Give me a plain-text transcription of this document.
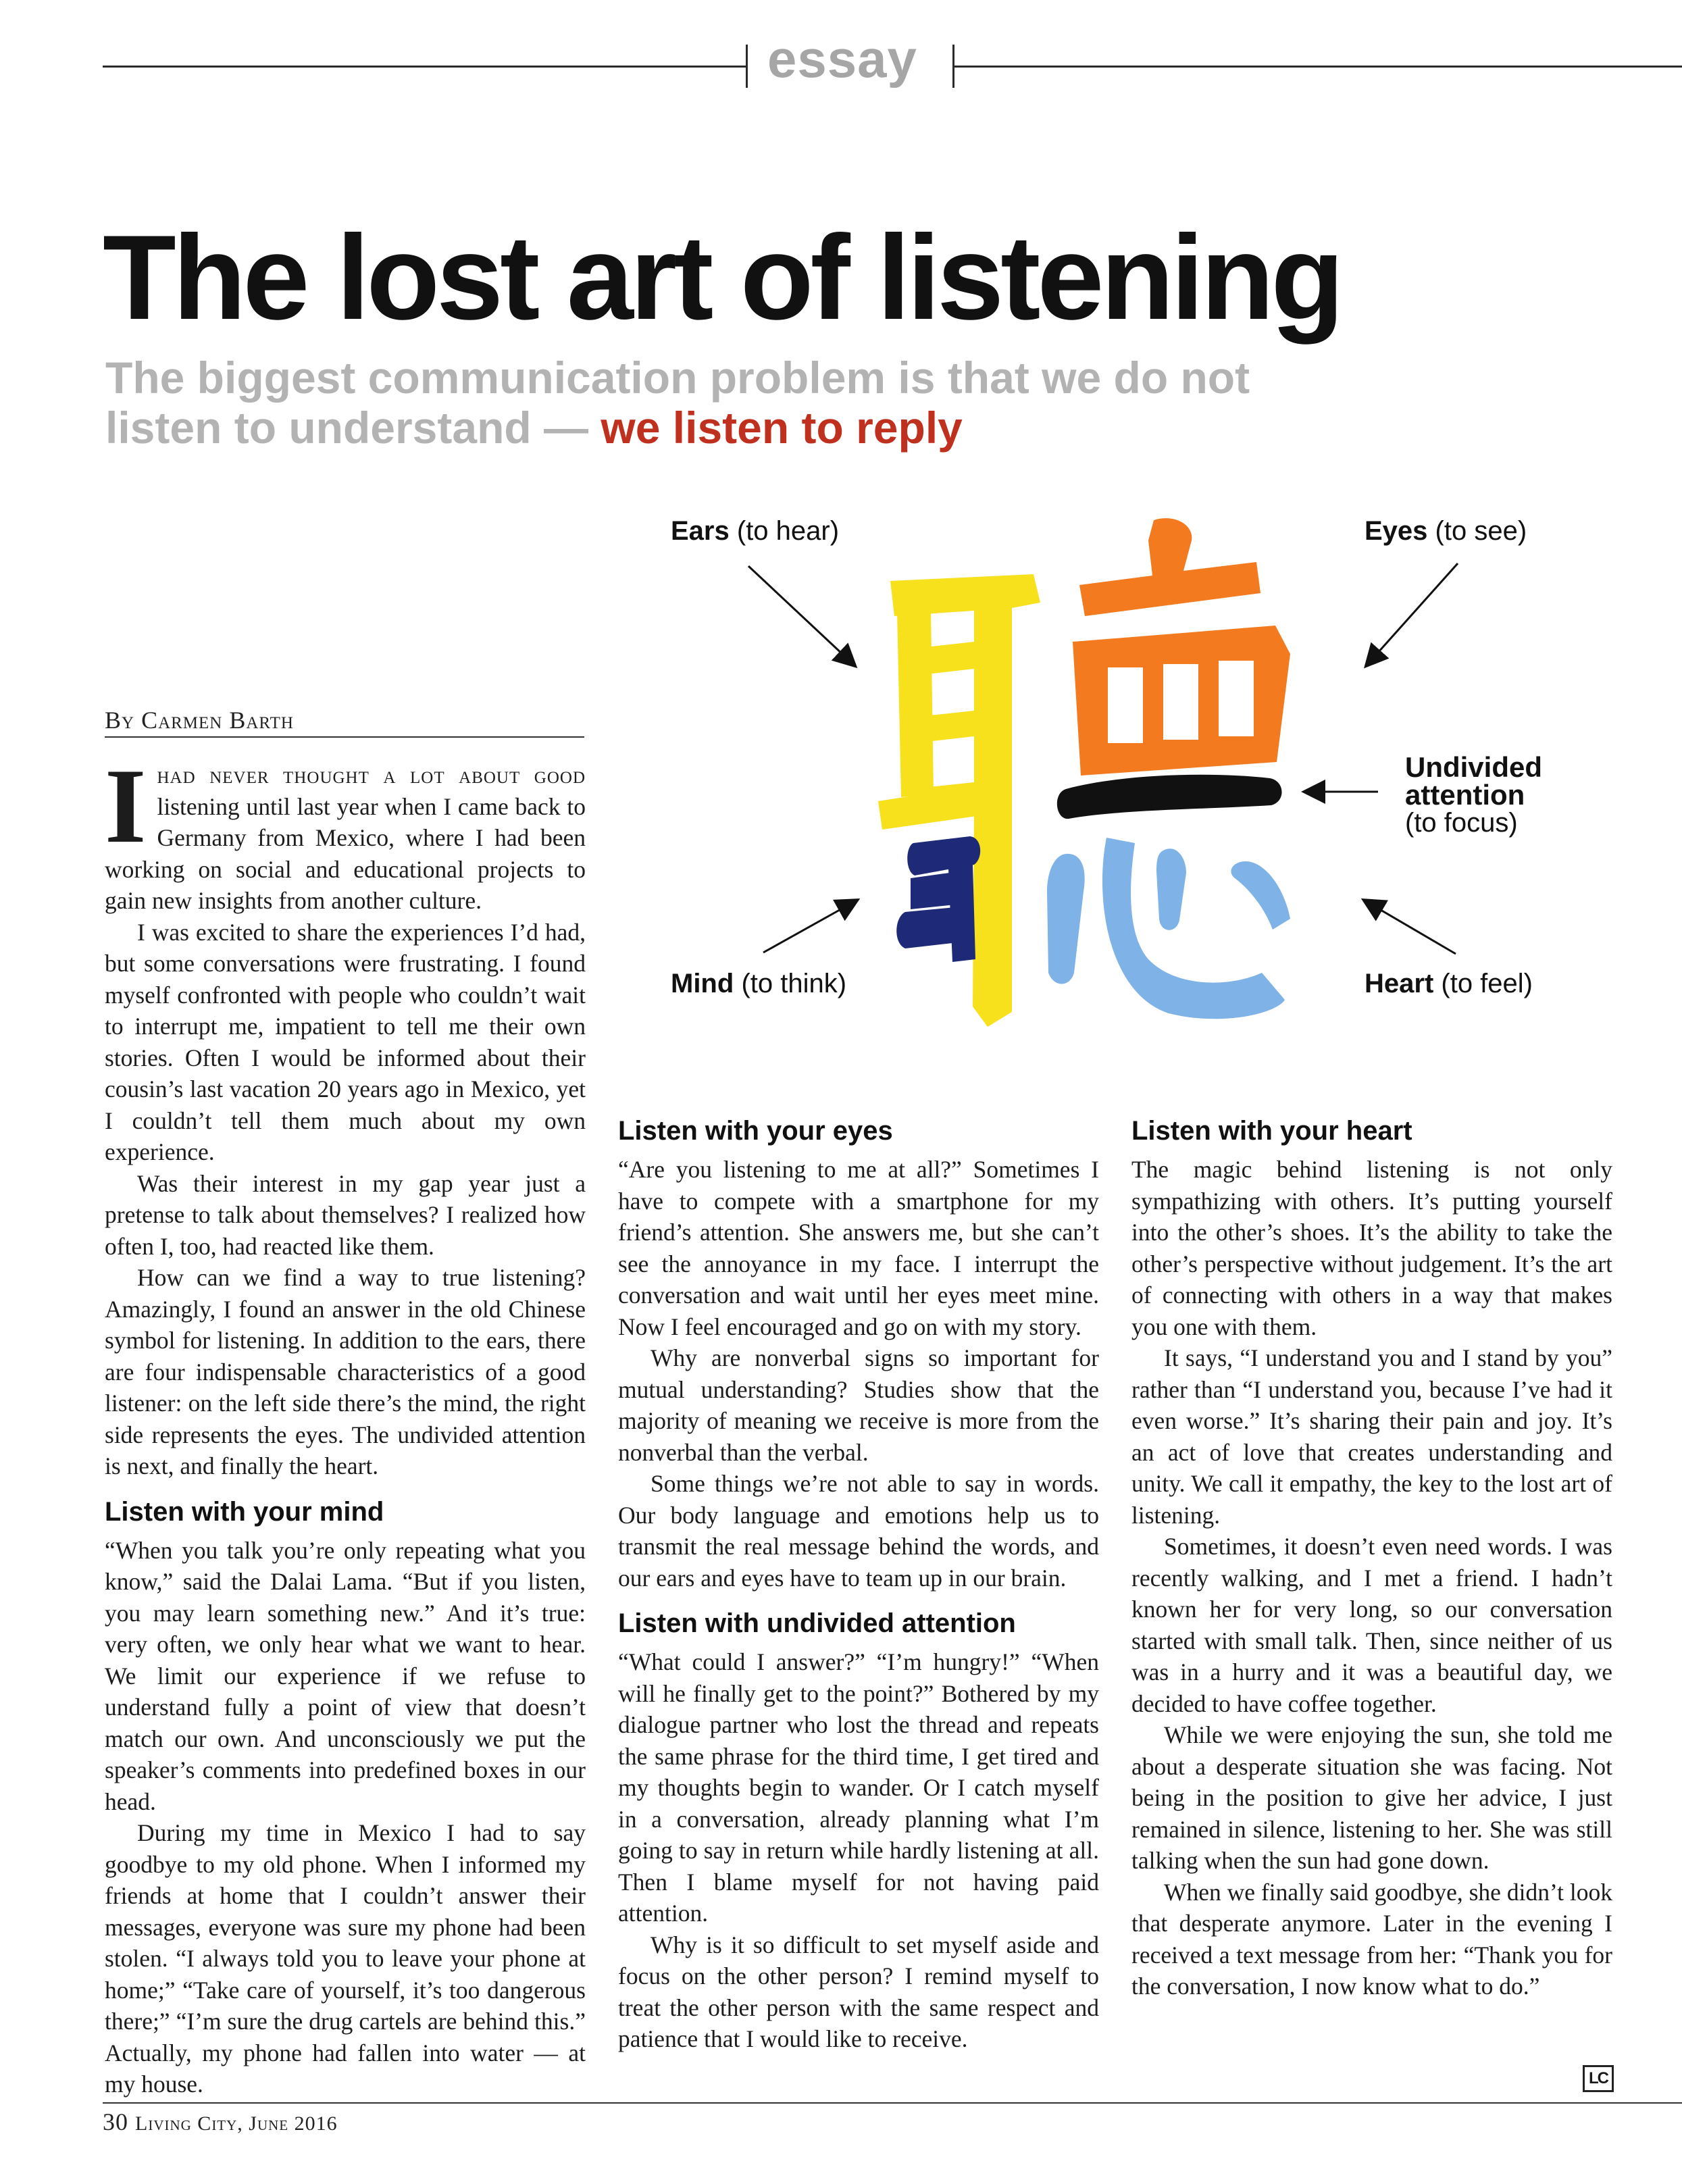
essay
The lost art of listening
The biggest communication problem is that we do not listen to understand — we listen to reply
By Carmen Barth
Ears (to hear)	Eyes (to see)
Undivided
attention
(to focus)
Mind (to think)	Heart (to feel)

Ihad never thought a lot about good listening until last year when I came back to Germany from Mexico, where I had been working on social and educational projects to gain new insights from another culture.

I was excited to share the experiences I’d had, but some conversations were frustrating. I found myself confronted with people who couldn’t wait to interrupt me, impatient to tell me their own stories. Often I would be informed about their cousin’s last vacation 20 years ago in Mexico, yet I couldn’t tell them much about my own experience.

Was their interest in my gap year just a pretense to talk about themselves? I realized how often I, too, had reacted like them.

How can we find a way to true listening? Amazingly, I found an answer in the old Chinese symbol for listening. In addition to the ears, there are four indispensable characteristics of a good listener: on the left side there’s the mind, the right side represents the eyes. The undivided attention is next, and finally the heart.

Listen with your mind

“When you talk you’re only repeating what you know,” said the Dalai Lama. “But if you listen, you may learn something new.” And it’s true: very often, we only hear what we want to hear. We limit our experience if we refuse to understand fully a point of view that doesn’t match our own. And unconsciously we put the speaker’s comments into predefined boxes in our head.

During my time in Mexico I had to say goodbye to my old phone. When I informed my friends at home that I couldn’t answer their messages, everyone was sure my phone had been stolen. “I always told you to leave your phone at home;” “Take care of yourself, it’s too dangerous there;” “I’m sure the drug cartels are behind this.” Actually, my phone had fallen into water — at my house.

Listen with your eyes

“Are you listening to me at all?” Sometimes I have to compete with a smartphone for my friend’s attention. She answers me, but she can’t see the annoyance in my face. I interrupt the conversation and wait until her eyes meet mine. Now I feel encouraged and go on with my story.

Why are nonverbal signs so important for mutual understanding? Studies show that the majority of meaning we receive is more from the nonverbal than the verbal.

Some things we’re not able to say in words. Our body language and emotions help us to transmit the real message behind the words, and our ears and eyes have to team up in our brain.

Listen with undivided attention

“What could I answer?” “I’m hungry!” “When will he finally get to the point?” Bothered by my dialogue partner who lost the thread and repeats the same phrase for the third time, I get tired and my thoughts begin to wander. Or I catch myself in a conversation, already planning what I’m going to say in return while hardly listening at all. Then I blame myself for not having paid attention.

Why is it so difficult to set myself aside and focus on the other person? I remind myself to treat the other person with the same respect and patience that I would like to receive.

Listen with your heart

The magic behind listening is not only sympathizing with others. It’s putting yourself into the other’s shoes. It’s the ability to take the other’s perspective without judgement. It’s the art of connecting with others in a way that makes you one with them.

It says, “I understand you and I stand by you” rather than “I understand you, because I’ve had it even worse.” It’s sharing their pain and joy. It’s an act of love that creates understanding and unity. We call it empathy, the key to the lost art of listening.

Sometimes, it doesn’t even need words. I was recently walking, and I met a friend. I hadn’t known her for very long, so our conversation started with small talk. Then, since neither of us was in a hurry and it was a beautiful day, we decided to have coffee together.

While we were enjoying the sun, she told me about a desperate situation she was facing. Not being in the position to give her advice, I just remained in silence, listening to her. She was still talking when the sun had gone down.

When we finally said goodbye, she didn’t look that desperate anymore. Later in the evening I received a text message from her: “Thank you for the conversation, I now know what to do.”

LC
30 Living City, June 2016
